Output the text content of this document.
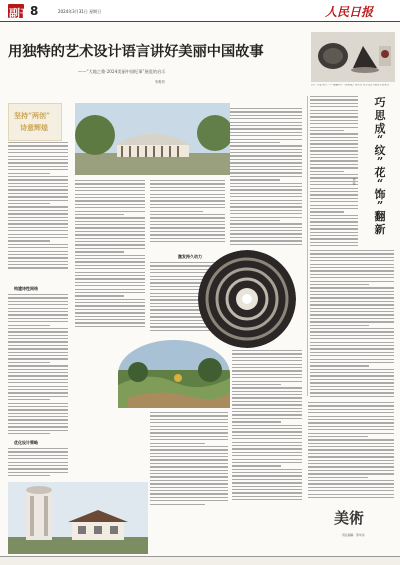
副刊 8	2024年3月31日 星期日	人民日报
用独特的艺术设计语言讲好美丽中国故事
——“大地之歌·2024美丽中国纪事”展览的启示
朱明玥
图①“天长·地久”——谦谦君子（景泰蓝）英式壶 图②以古为新设计的茶具
坚持“两创”
诗意辉煌
构建诗性网络
优化设计策略
激发持久动力
巧
思
成
“
纹
”
花
“
饰
”
翻
新
何 森
美術
责任编辑：蔡华伟
